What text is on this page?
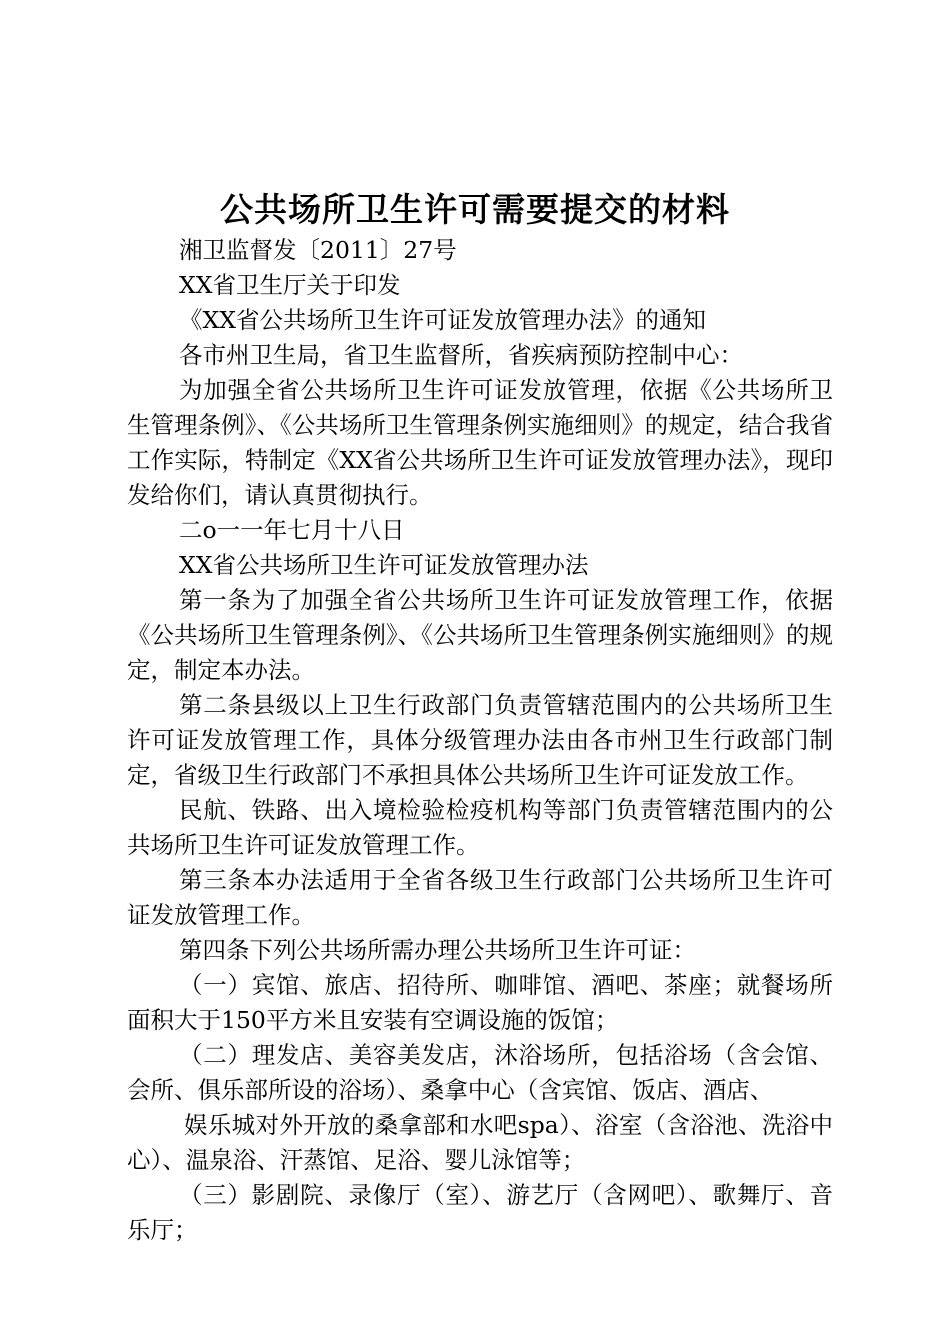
公共场所卫生许可需要提交的材料

湘卫监督发〔2011〕27号

XX省卫生厅关于印发

《XX省公共场所卫生许可证发放管理办法》的通知

各市州卫生局，省卫生监督所，省疾病预防控制中心：

为加强全省公共场所卫生许可证发放管理，依据《公共场所卫生管理条例》、《公共场所卫生管理条例实施细则》的规定，结合我省工作实际，特制定《XX省公共场所卫生许可证发放管理办法》，现印发给你们，请认真贯彻执行。

二o一一年七月十八日

XX省公共场所卫生许可证发放管理办法

第一条为了加强全省公共场所卫生许可证发放管理工作，依据《公共场所卫生管理条例》、《公共场所卫生管理条例实施细则》的规定，制定本办法。

第二条县级以上卫生行政部门负责管辖范围内的公共场所卫生许可证发放管理工作，具体分级管理办法由各市州卫生行政部门制定，省级卫生行政部门不承担具体公共场所卫生许可证发放工作。

民航、铁路、出入境检验检疫机构等部门负责管辖范围内的公共场所卫生许可证发放管理工作。

第三条本办法适用于全省各级卫生行政部门公共场所卫生许可证发放管理工作。

第四条下列公共场所需办理公共场所卫生许可证：

（一）宾馆、旅店、招待所、咖啡馆、酒吧、茶座；就餐场所面积大于150平方米且安装有空调设施的饭馆；

（二）理发店、美容美发店，沐浴场所，包括浴场（含会馆、会所、俱乐部所设的浴场）、桑拿中心（含宾馆、饭店、酒店、

娱乐城对外开放的桑拿部和水吧spa）、浴室（含浴池、洗浴中心）、温泉浴、汗蒸馆、足浴、婴儿泳馆等；

（三）影剧院、录像厅（室）、游艺厅（含网吧）、歌舞厅、音乐厅；
